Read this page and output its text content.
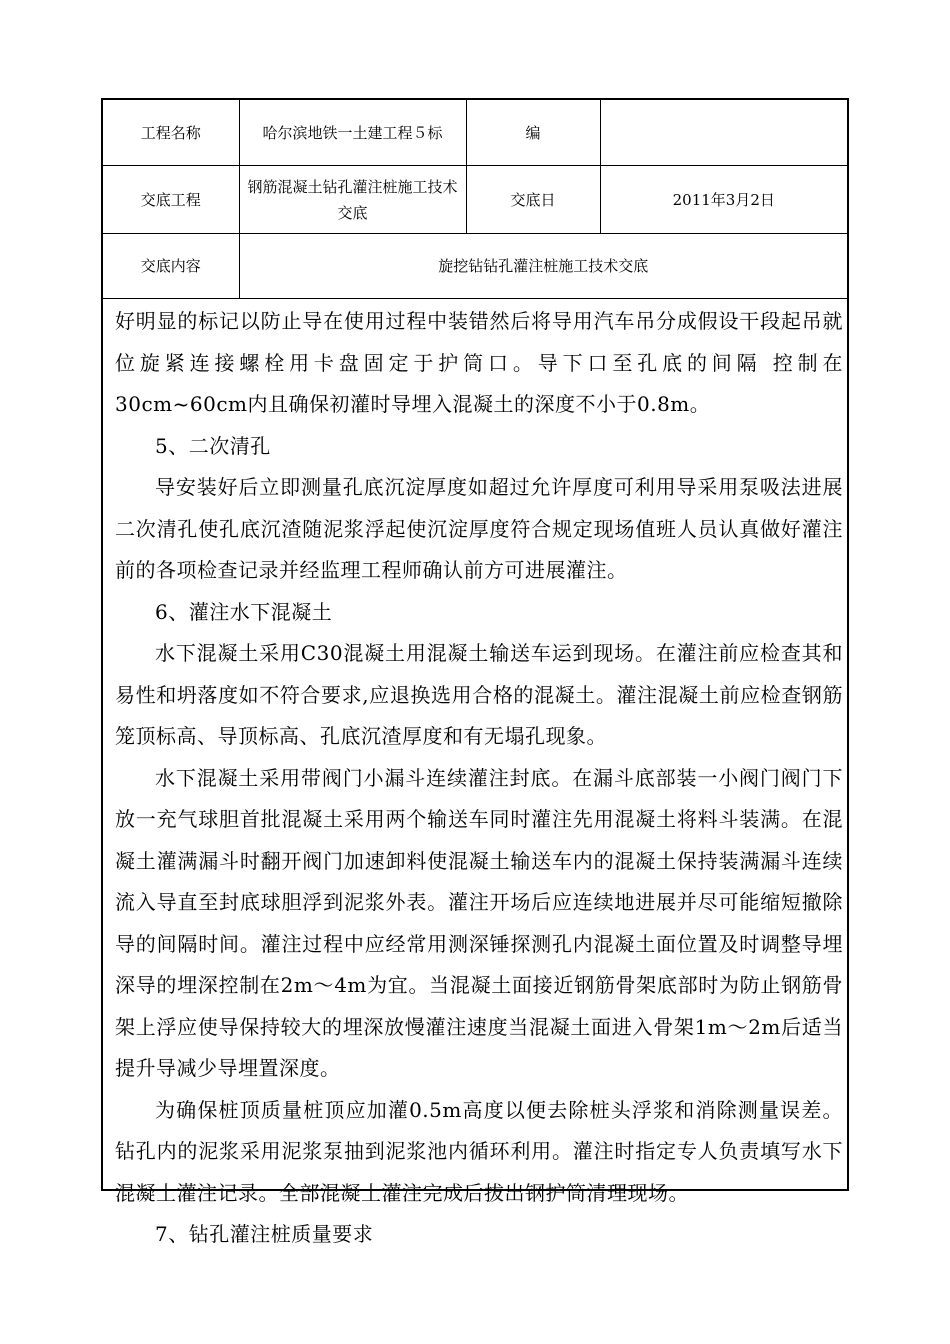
工程名称	哈尔滨地铁一土建工程５标	编	
交底工程	钢筋混凝土钻孔灌注桩施工技术交底	交底日	2011年3月2日
交底内容	旋挖钻钻孔灌注桩施工技术交底		

好明显的标记以防止导在使用过程中装错然后将导用汽车吊分成假设干段起吊就位旋紧连接螺栓用卡盘固定于护筒口。导下口至孔底的间隔 控制在30cm~60cm内且确保初灌时导埋入混凝土的深度不小于0.8m。

5、二次清孔

导安装好后立即测量孔底沉淀厚度如超过允许厚度可利用导采用泵吸法进展二次清孔使孔底沉渣随泥浆浮起使沉淀厚度符合规定现场值班人员认真做好灌注前的各项检查记录并经监理工程师确认前方可进展灌注。

6、灌注水下混凝土

水下混凝土采用C30混凝土用混凝土输送车运到现场。在灌注前应检查其和易性和坍落度如不符合要求,应退换选用合格的混凝土。灌注混凝土前应检查钢筋笼顶标高、导顶标高、孔底沉渣厚度和有无塌孔现象。

水下混凝土采用带阀门小漏斗连续灌注封底。在漏斗底部装一小阀门阀门下放一充气球胆首批混凝土采用两个输送车同时灌注先用混凝土将料斗装满。在混凝土灌满漏斗时翻开阀门加速卸料使混凝土输送车内的混凝土保持装满漏斗连续流入导直至封底球胆浮到泥浆外表。灌注开场后应连续地进展并尽可能缩短撤除导的间隔时间。灌注过程中应经常用测深锤探测孔内混凝土面位置及时调整导埋深导的埋深控制在2m～4m为宜。当混凝土面接近钢筋骨架底部时为防止钢筋骨架上浮应使导保持较大的埋深放慢灌注速度当混凝土面进入骨架1m～2m后适当提升导减少导埋置深度。

为确保桩顶质量桩顶应加灌0.5m高度以便去除桩头浮浆和消除测量误差。钻孔内的泥浆采用泥浆泵抽到泥浆池内循环利用。灌注时指定专人负责填写水下混凝土灌注记录。全部混凝土灌注完成后拔出钢护筒清理现场。

7、钻孔灌注桩质量要求
